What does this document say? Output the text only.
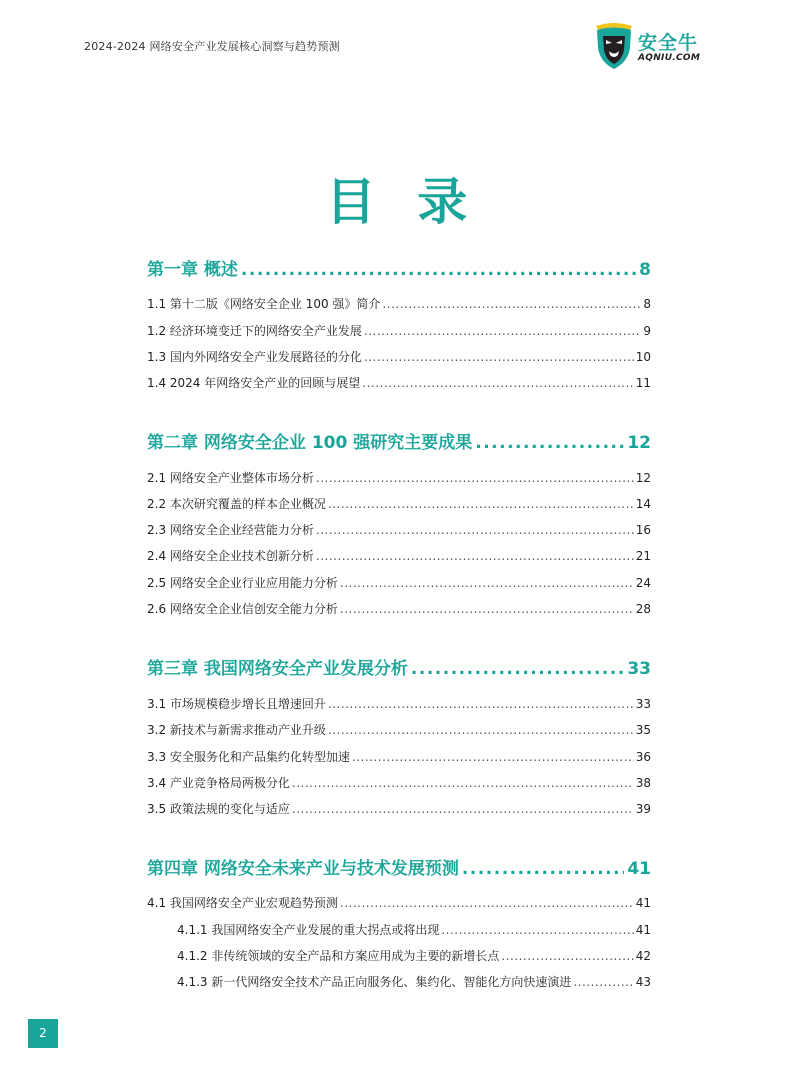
2024-2024 网络安全产业发展核心洞察与趋势预测	安全牛
AQNIU.COM
目 录
第一章 概述 .....	8
1.1 第十二版《网络安全企业 100 强》简介 .....	8
1.2 经济环境变迁下的网络安全产业发展 .....	9
1.3 国内外网络安全产业发展路径的分化 .....	10
1.4 2024 年网络安全产业的回顾与展望 .....	11
第二章 网络安全企业 100 强研究主要成果 .....	12
2.1 网络安全产业整体市场分析 .....	12
2.2 本次研究覆盖的样本企业概况 .....	14
2.3 网络安全企业经营能力分析 .....	16
2.4 网络安全企业技术创新分析 .....	21
2.5 网络安全企业行业应用能力分析 .....	24
2.6 网络安全企业信创安全能力分析 .....	28
第三章 我国网络安全产业发展分析 .....	33
3.1 市场规模稳步增长且增速回升 .....	33
3.2 新技术与新需求推动产业升级 .....	35
3.3 安全服务化和产品集约化转型加速 .....	36
3.4 产业竞争格局两极分化 .....	38
3.5 政策法规的变化与适应 .....	39
第四章 网络安全未来产业与技术发展预测 .....	41
4.1 我国网络安全产业宏观趋势预测 .....	41
4.1.1 我国网络安全产业发展的重大拐点或将出现 .....	41
4.1.2 非传统领域的安全产品和方案应用成为主要的新增长点 .....	42
4.1.3 新一代网络安全技术产品正向服务化、集约化、智能化方向快速演进 .....	43
2
